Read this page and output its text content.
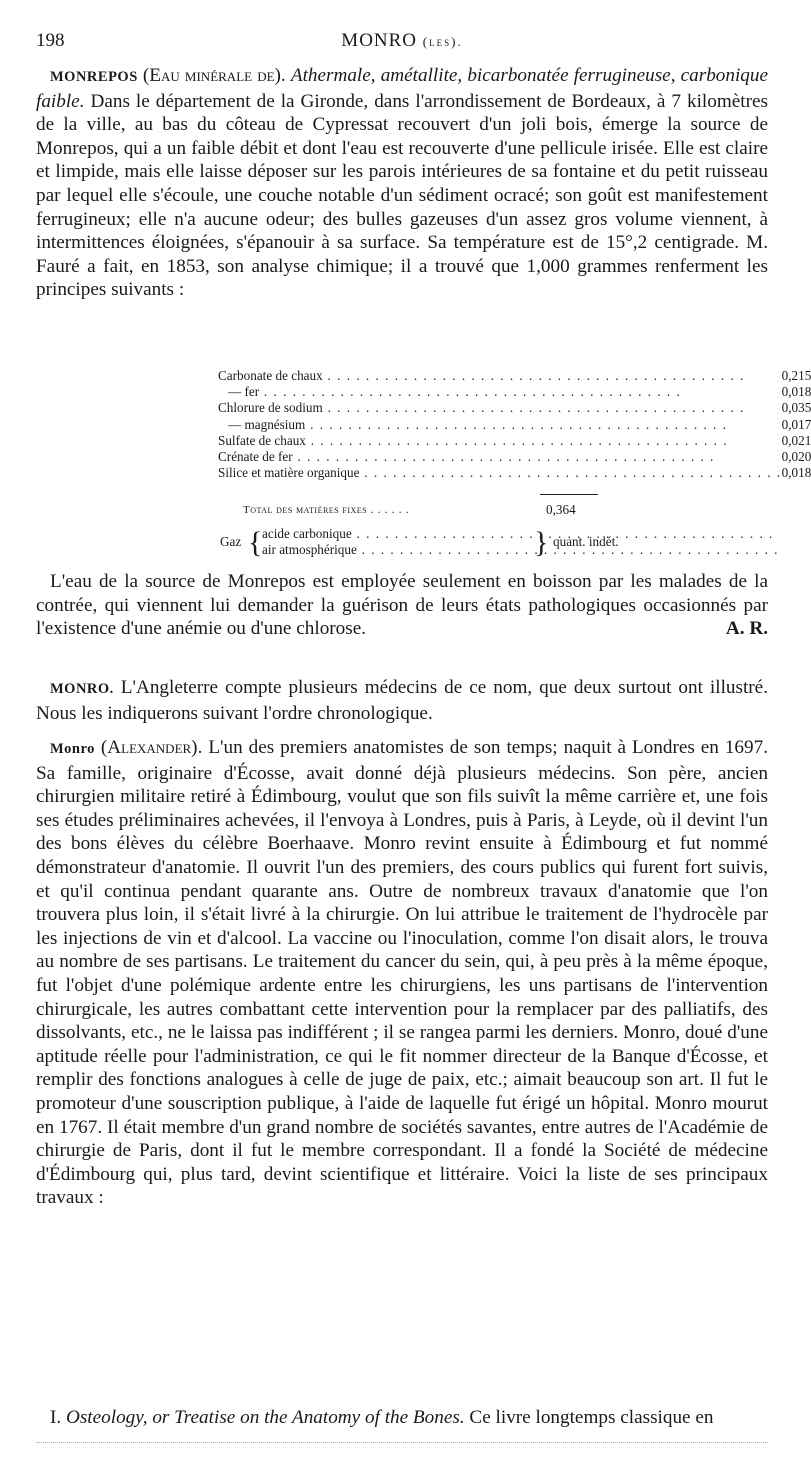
198	MONRO (les).
MONREPOS (Eau minérale de). Athermale, amétallite, bicarbonatée ferrugineuse, carbonique faible. Dans le département de la Gironde, dans l'arrondissement de Bordeaux, à 7 kilomètres de la ville, au bas du côteau de Cypressat recouvert d'un joli bois, émerge la source de Monrepos, qui a un faible débit et dont l'eau est recouverte d'une pellicule irisée. Elle est claire et limpide, mais elle laisse déposer sur les parois intérieures de sa fontaine et du petit ruisseau par lequel elle s'écoule, une couche notable d'un sédiment ocracé; son goût est manifestement ferrugineux; elle n'a aucune odeur; des bulles gazeuses d'un assez gros volume viennent, à intermittences éloignées, s'épanouir à sa surface. Sa température est de 15°,2 centigrade. M. Fauré a fait, en 1853, son analyse chimique; il a trouvé que 1,000 grammes renferment les principes suivants :
Carbonate de chaux . . .	0,215
— fer . . .	0,018
Chlorure de sodium . . .	0,035
— magnésium . . .	0,017
Sulfate de chaux . . .	0,021
Crénate de fer . . .	0,020
Silice et matière organique . . .	0,018
Total des matières fixes . . . . . .	0,364
Gaz { acide carbonique . . .
air atmosphérique . . .	} quant. indét.
L'eau de la source de Monrepos est employée seulement en boisson par les malades de la contrée, qui viennent lui demander la guérison de leurs états pathologiques occasionnés par l'existence d'une anémie ou d'une chlorose.	A. R.
MONRO. L'Angleterre compte plusieurs médecins de ce nom, que deux surtout ont illustré. Nous les indiquerons suivant l'ordre chronologique.
Monro (Alexander). L'un des premiers anatomistes de son temps; naquit à Londres en 1697. Sa famille, originaire d'Écosse, avait donné déjà plusieurs médecins. Son père, ancien chirurgien militaire retiré à Édimbourg, voulut que son fils suivît la même carrière et, une fois ses études préliminaires achevées, il l'envoya à Londres, puis à Paris, à Leyde, où il devint l'un des bons élèves du célèbre Boerhaave. Monro revint ensuite à Édimbourg et fut nommé démonstrateur d'anatomie. Il ouvrit l'un des premiers, des cours publics qui furent fort suivis, et qu'il continua pendant quarante ans. Outre de nombreux travaux d'anatomie que l'on trouvera plus loin, il s'était livré à la chirurgie. On lui attribue le traitement de l'hydrocèle par les injections de vin et d'alcool. La vaccine ou l'inoculation, comme l'on disait alors, le trouva au nombre de ses partisans. Le traitement du cancer du sein, qui, à peu près à la même époque, fut l'objet d'une polémique ardente entre les chirurgiens, les uns partisans de l'intervention chirurgicale, les autres combattant cette intervention pour la remplacer par des palliatifs, des dissolvants, etc., ne le laissa pas indifférent ; il se rangea parmi les derniers. Monro, doué d'une aptitude réelle pour l'administration, ce qui le fit nommer directeur de la Banque d'Écosse, et remplir des fonctions analogues à celle de juge de paix, etc.; aimait beaucoup son art. Il fut le promoteur d'une souscription publique, à l'aide de laquelle fut érigé un hôpital. Monro mourut en 1767. Il était membre d'un grand nombre de sociétés savantes, entre autres de l'Académie de chirurgie de Paris, dont il fut le membre correspondant. Il a fondé la Société de médecine d'Édimbourg qui, plus tard, devint scientifique et littéraire. Voici la liste de ses principaux travaux :
I. Osteology, or Treatise on the Anatomy of the Bones. Ce livre longtemps classique en
